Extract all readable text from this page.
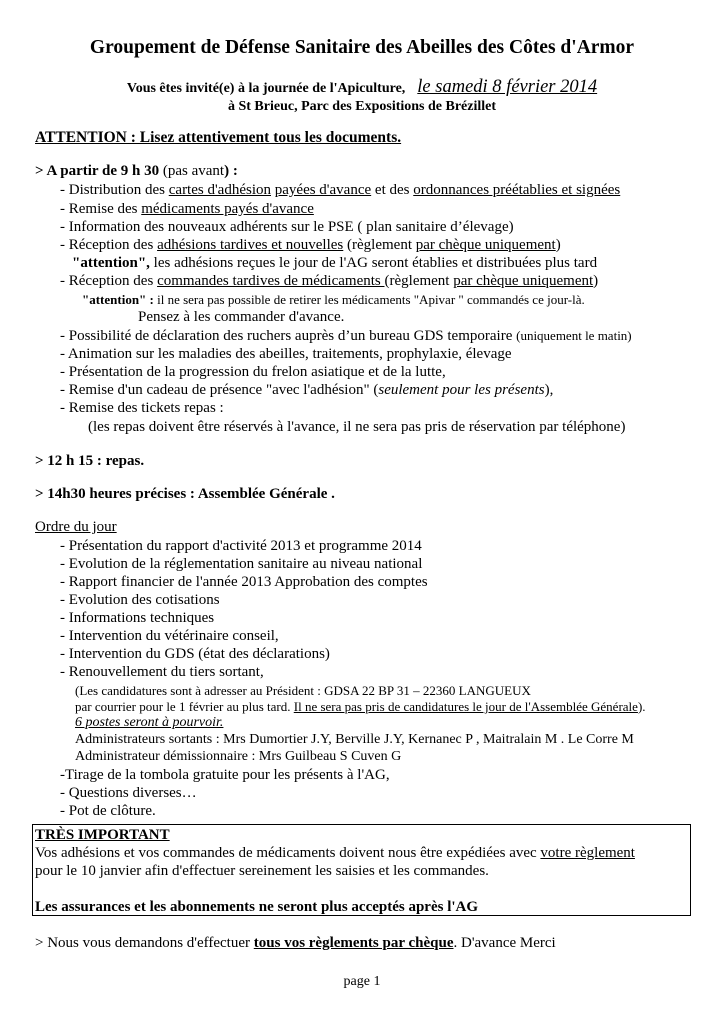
Groupement de Défense Sanitaire des Abeilles des Côtes d'Armor
Vous êtes invité(e) à la journée de l'Apiculture, le samedi 8 février 2014
à St Brieuc, Parc des Expositions de Brézillet
ATTENTION : Lisez attentivement tous les documents.
> A partir de 9 h 30 (pas avant) :
- Distribution des cartes d'adhésion payées d'avance et des ordonnances préétablies et signées
- Remise des médicaments payés d'avance
- Information des nouveaux adhérents sur le PSE ( plan sanitaire d’élevage)
- Réception des adhésions tardives et nouvelles (règlement par chèque uniquement)
"attention", les adhésions reçues le jour de l'AG seront établies et distribuées plus tard
- Réception des commandes tardives de médicaments (règlement par chèque uniquement)
"attention" : il ne sera pas possible de retirer les médicaments "Apivar " commandés ce jour-là.
Pensez à les commander d'avance.
- Possibilité de déclaration des ruchers auprès d’un bureau GDS temporaire (uniquement le matin)
- Animation sur les maladies des abeilles, traitements, prophylaxie, élevage
- Présentation de la progression du frelon asiatique et de la lutte,
- Remise d'un cadeau de présence "avec l'adhésion" (seulement pour les présents),
- Remise des tickets repas :
(les repas doivent être réservés à l'avance, il ne sera pas pris de réservation par téléphone)
> 12 h 15 : repas.
> 14h30 heures précises : Assemblée Générale .
Ordre du jour
- Présentation du rapport d'activité 2013 et programme 2014
- Evolution de la réglementation sanitaire au niveau national
- Rapport financier de l'année 2013 Approbation des comptes
- Evolution des cotisations
- Informations techniques
- Intervention du vétérinaire conseil,
- Intervention du GDS (état des déclarations)
- Renouvellement du tiers sortant,
(Les candidatures sont à adresser au Président : GDSA 22 BP 31 – 22360 LANGUEUX
par courrier pour le 1 février au plus tard. Il ne sera pas pris de candidatures le jour de l'Assemblée Générale).
6 postes seront à pourvoir.
Administrateurs sortants : Mrs Dumortier J.Y, Berville J.Y, Kernanec P , Maitralain M . Le Corre M
Administrateur démissionnaire : Mrs Guilbeau S Cuven G
-Tirage de la tombola gratuite pour les présents à l'AG,
- Questions diverses…
- Pot de clôture.
TRÈS IMPORTANT
Vos adhésions et vos commandes de médicaments doivent nous être expédiées avec votre règlement
pour le 10 janvier afin d'effectuer sereinement les saisies et les commandes.
Les assurances et les abonnements ne seront plus acceptés après l'AG
> Nous vous demandons d'effectuer tous vos règlements par chèque. D'avance Merci
page 1
